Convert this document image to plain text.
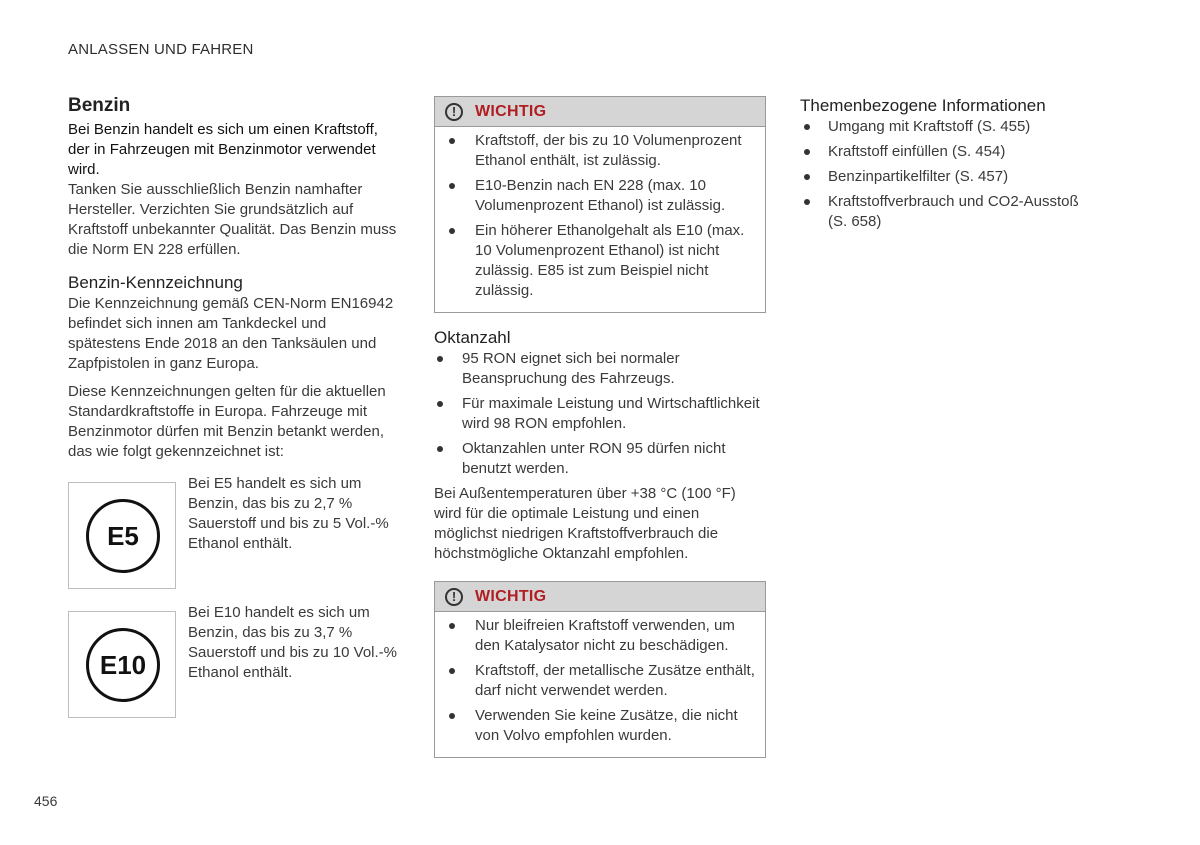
ANLASSEN UND FAHREN
Benzin

Bei Benzin handelt es sich um einen Kraftstoff, der in Fahrzeugen mit Benzinmotor verwendet wird.

Tanken Sie ausschließlich Benzin namhafter Hersteller. Verzichten Sie grundsätzlich auf Kraftstoff unbekannter Qualität. Das Benzin muss die Norm EN 228 erfüllen.

Benzin-Kennzeichnung

Die Kennzeichnung gemäß CEN-Norm EN16942 befindet sich innen am Tankdeckel und spätestens Ende 2018 an den Tanksäulen und Zapfpistolen in ganz Europa.

Diese Kennzeichnungen gelten für die aktuellen Standardkraftstoffe in Europa. Fahrzeuge mit Benzinmotor dürfen mit Benzin betankt werden, das wie folgt gekennzeichnet ist:

E5
Bei E5 handelt es sich um Benzin, das bis zu 2,7 % Sauerstoff und bis zu 5 Vol.-% Ethanol enthält.
E10
Bei E10 handelt es sich um Benzin, das bis zu 3,7 % Sauerstoff und bis zu 10 Vol.-% Ethanol enthält.
!	WICHTIG
Kraftstoff, der bis zu 10 Volumenprozent Ethanol enthält, ist zulässig.
E10-Benzin nach EN 228 (max. 10 Volumenprozent Ethanol) ist zulässig.
Ein höherer Ethanolgehalt als E10 (max. 10 Volumenprozent Ethanol) ist nicht zulässig. E85 ist zum Beispiel nicht zulässig.
Oktanzahl
95 RON eignet sich bei normaler Beanspruchung des Fahrzeugs.
Für maximale Leistung und Wirtschaftlichkeit wird 98 RON empfohlen.
Oktanzahlen unter RON 95 dürfen nicht benutzt werden.

Bei Außentemperaturen über +38 °C (100 °F) wird für die optimale Leistung und einen möglichst niedrigen Kraftstoffverbrauch die höchstmögliche Oktanzahl empfohlen.

!	WICHTIG
Nur bleifreien Kraftstoff verwenden, um den Katalysator nicht zu beschädigen.
Kraftstoff, der metallische Zusätze enthält, darf nicht verwendet werden.
Verwenden Sie keine Zusätze, die nicht von Volvo empfohlen wurden.
Themenbezogene Informationen
Umgang mit Kraftstoff (S. 455)
Kraftstoff einfüllen (S. 454)
Benzinpartikelfilter (S. 457)
Kraftstoffverbrauch und CO2-Ausstoß (S. 658)
456
